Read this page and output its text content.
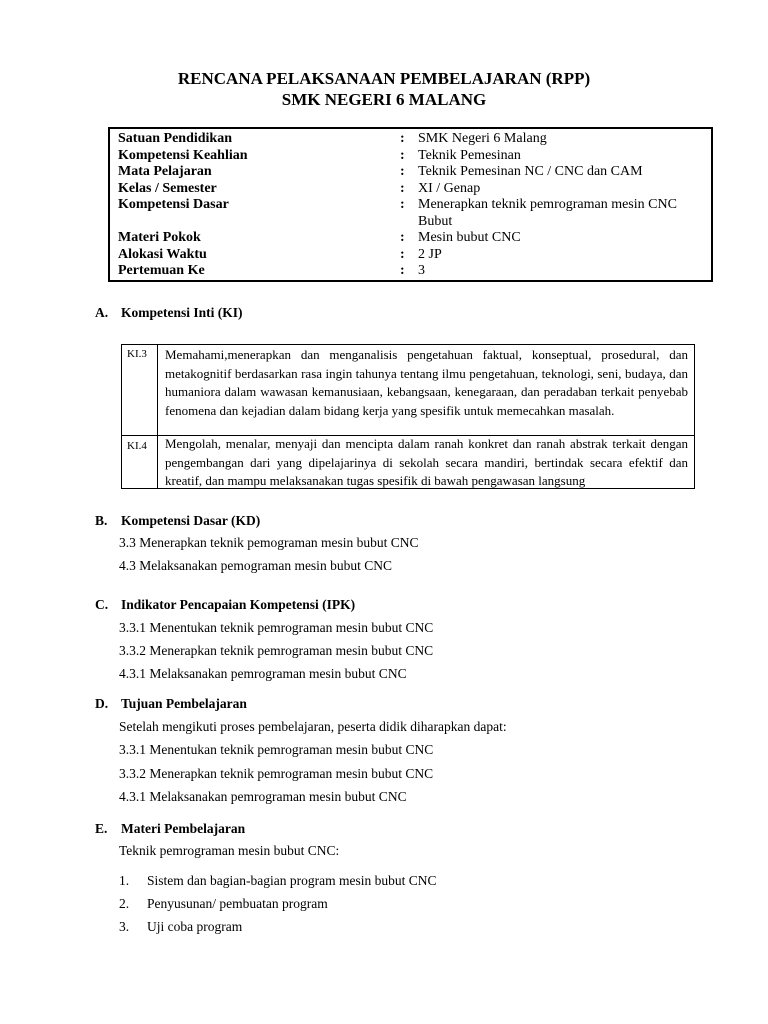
RENCANA PELAKSANAAN PEMBELAJARAN (RPP)
SMK NEGERI 6 MALANG
Satuan Pendidikan	: SMK Negeri 6 Malang
Kompetensi Keahlian	: Teknik Pemesinan
Mata Pelajaran	: Teknik Pemesinan NC / CNC dan CAM
Kelas / Semester	: XI / Genap
Kompetensi Dasar	: Menerapkan teknik pemrograman mesin CNC Bubut
Materi Pokok	: Mesin bubut CNC
Alokasi Waktu	: 2 JP
Pertemuan Ke	: 3
A. Kompetensi Inti (KI)
KI.3 Memahami,menerapkan dan menganalisis pengetahuan faktual, konseptual, prosedural, dan metakognitif berdasarkan rasa ingin tahunya tentang ilmu pengetahuan, teknologi, seni, budaya, dan humaniora dalam wawasan kemanusiaan, kebangsaan, kenegaraan, dan peradaban terkait penyebab fenomena dan kejadian dalam bidang kerja yang spesifik untuk memecahkan masalah.
KI.4 Mengolah, menalar, menyaji dan mencipta dalam ranah konkret dan ranah abstrak terkait dengan pengembangan dari yang dipelajarinya di sekolah secara mandiri, bertindak secara efektif dan kreatif, dan mampu melaksanakan tugas spesifik di bawah pengawasan langsung
B. Kompetensi Dasar (KD)
3.3 Menerapkan teknik pemograman mesin bubut CNC
4.3 Melaksanakan pemograman mesin bubut CNC
C. Indikator Pencapaian Kompetensi (IPK)
3.3.1 Menentukan teknik pemrograman mesin bubut CNC
3.3.2 Menerapkan teknik pemrograman mesin bubut CNC
4.3.1 Melaksanakan pemrograman mesin bubut CNC
D. Tujuan Pembelajaran
Setelah mengikuti proses pembelajaran, peserta didik diharapkan dapat:
3.3.1 Menentukan teknik pemrograman mesin bubut CNC
3.3.2 Menerapkan teknik pemrograman mesin bubut CNC
4.3.1 Melaksanakan pemrograman mesin bubut CNC
E. Materi Pembelajaran
Teknik pemrograman mesin bubut CNC:
1. Sistem dan bagian-bagian program mesin bubut CNC
2. Penyusunan/ pembuatan program
3. Uji coba program
